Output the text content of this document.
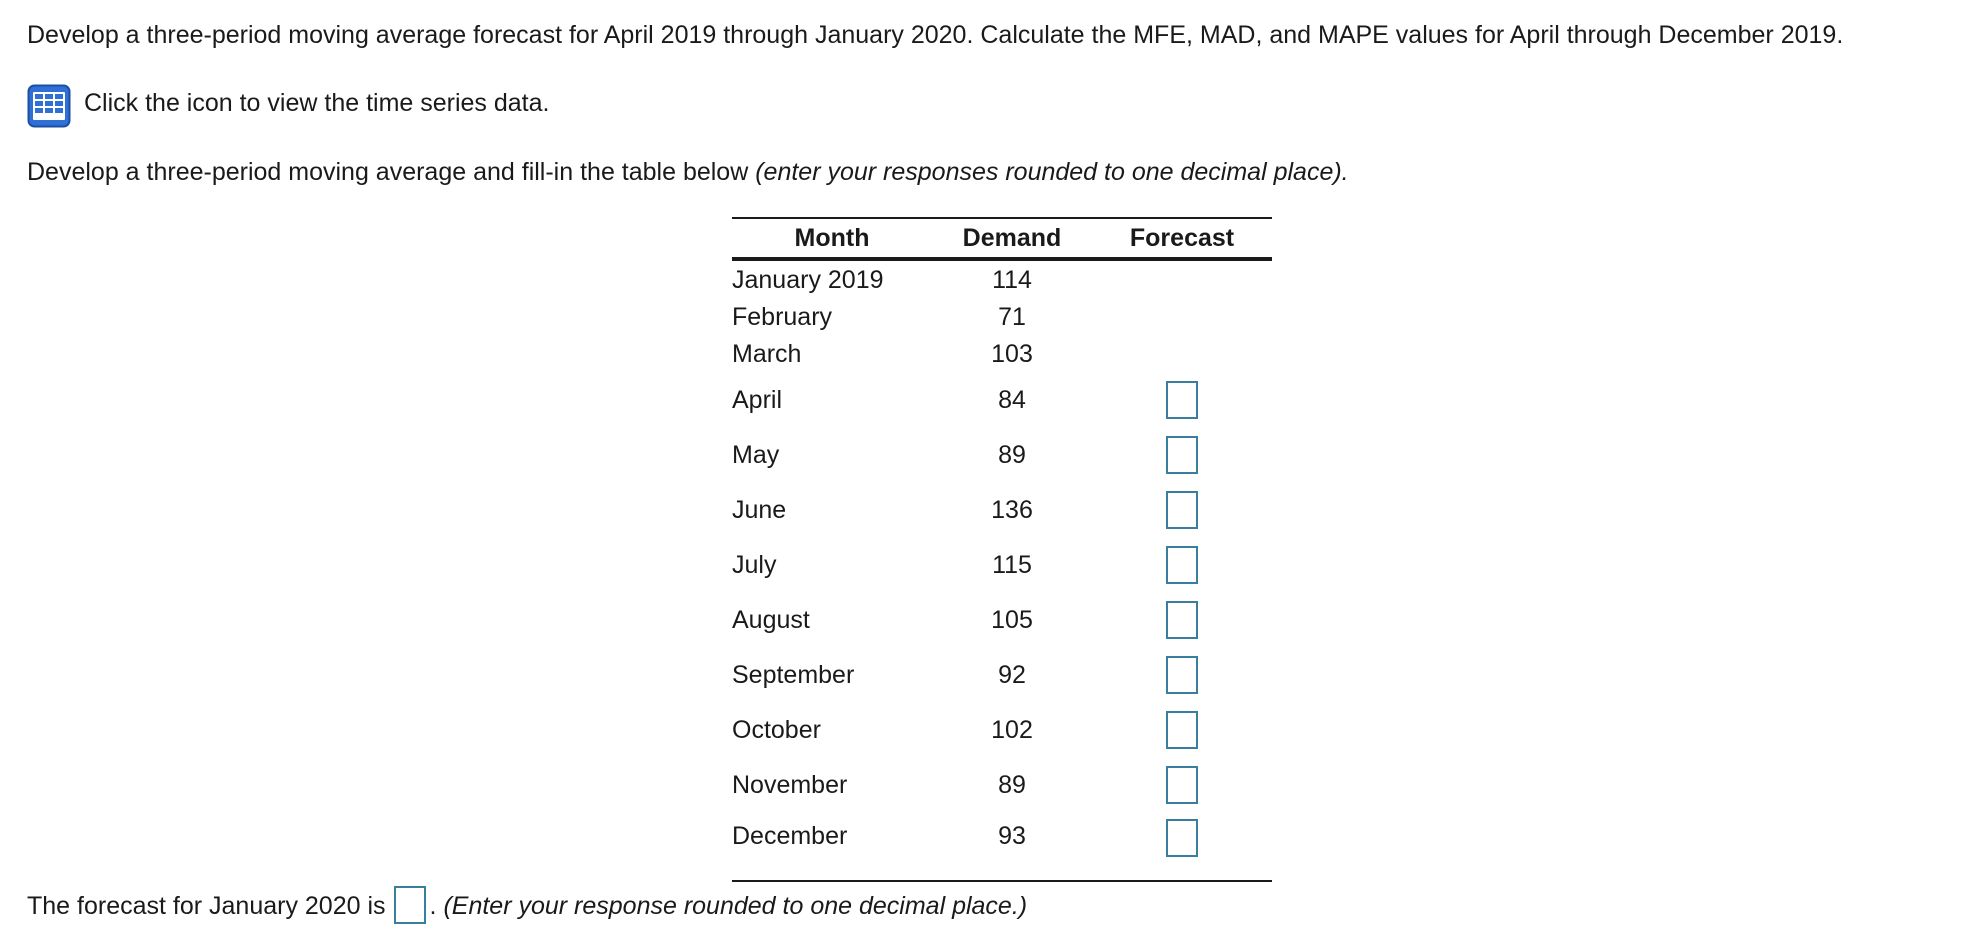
Develop a three-period moving average forecast for April 2019 through January 2020. Calculate the MFE, MAD, and MAPE values for April through December 2019.
Click the icon to view the time series data.
Develop a three-period moving average and fill-in the table below (enter your responses rounded to one decimal place).
Month	Demand	Forecast
January 2019	114	
February	71	
March	103	
April	84	
May	89	
June	136	
July	115	
August	105	
September	92	
October	102	
November	89	
December	93	
The forecast for January 2020 is . (Enter your response rounded to one decimal place.)
